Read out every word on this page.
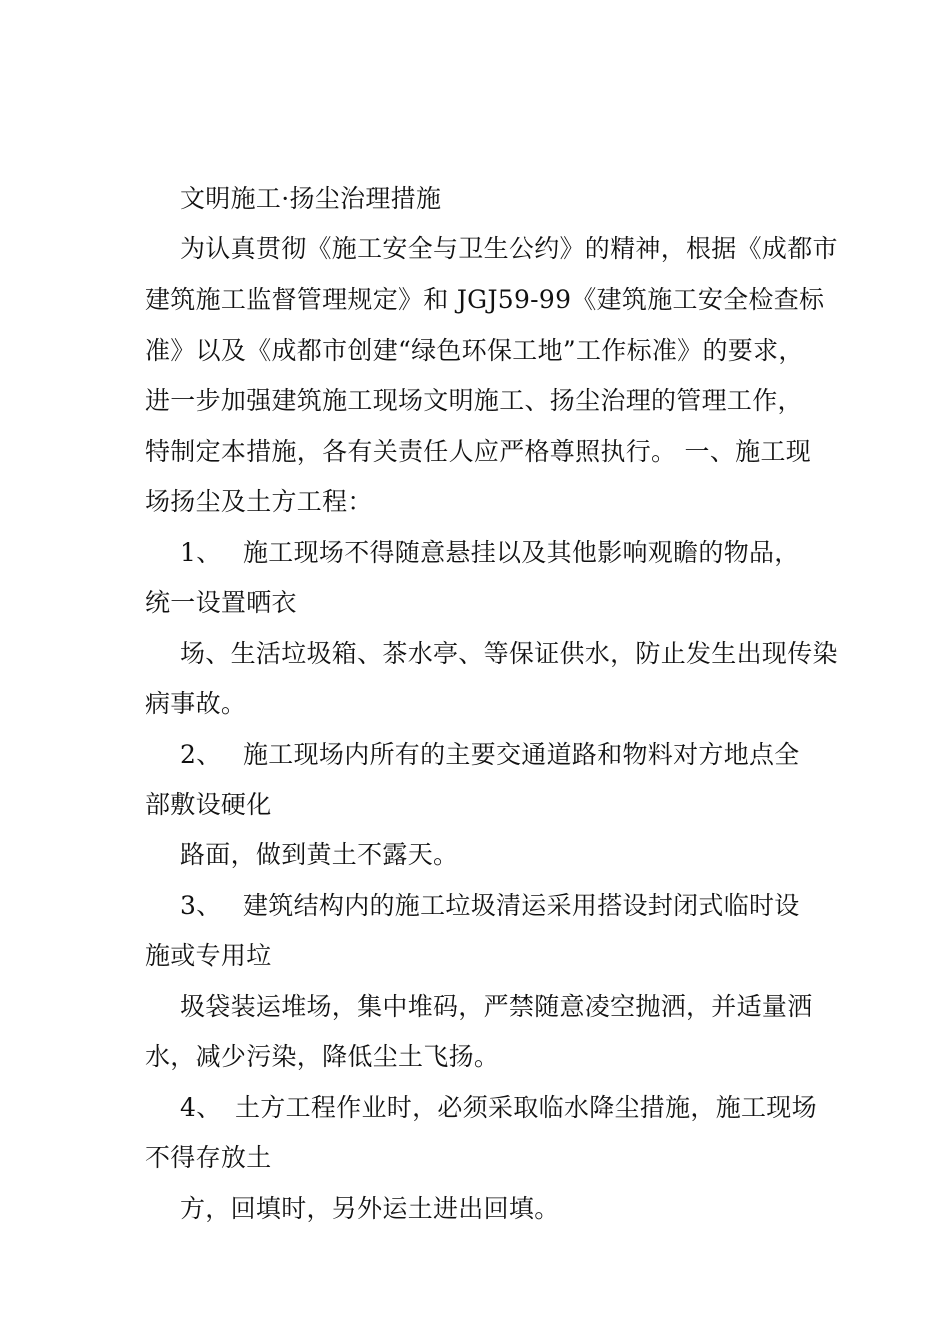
文明施工·扬尘治理措施
为认真贯彻《施工安全与卫生公约》的精神，根据《成都市
建筑施工监督管理规定》和 JGJ59-99《建筑施工安全检查标
准》以及《成都市创建“绿色环保工地”工作标准》的要求，
进一步加强建筑施工现场文明施工、扬尘治理的管理工作，
特制定本措施，各有关责任人应严格尊照执行。 一、施工现
场扬尘及土方工程：
1、 施工现场不得随意悬挂以及其他影响观瞻的物品，
统一设置晒衣
场、生活垃圾箱、茶水亭、等保证供水，防止发生出现传染
病事故。
2、 施工现场内所有的主要交通道路和物料对方地点全
部敷设硬化
路面，做到黄土不露天。
3、 建筑结构内的施工垃圾清运采用搭设封闭式临时设
施或专用垃
圾袋装运堆场，集中堆码，严禁随意凌空抛洒，并适量洒
水，减少污染，降低尘土飞扬。
4、 土方工程作业时，必须采取临水降尘措施，施工现场
不得存放土
方，回填时，另外运土进出回填。
